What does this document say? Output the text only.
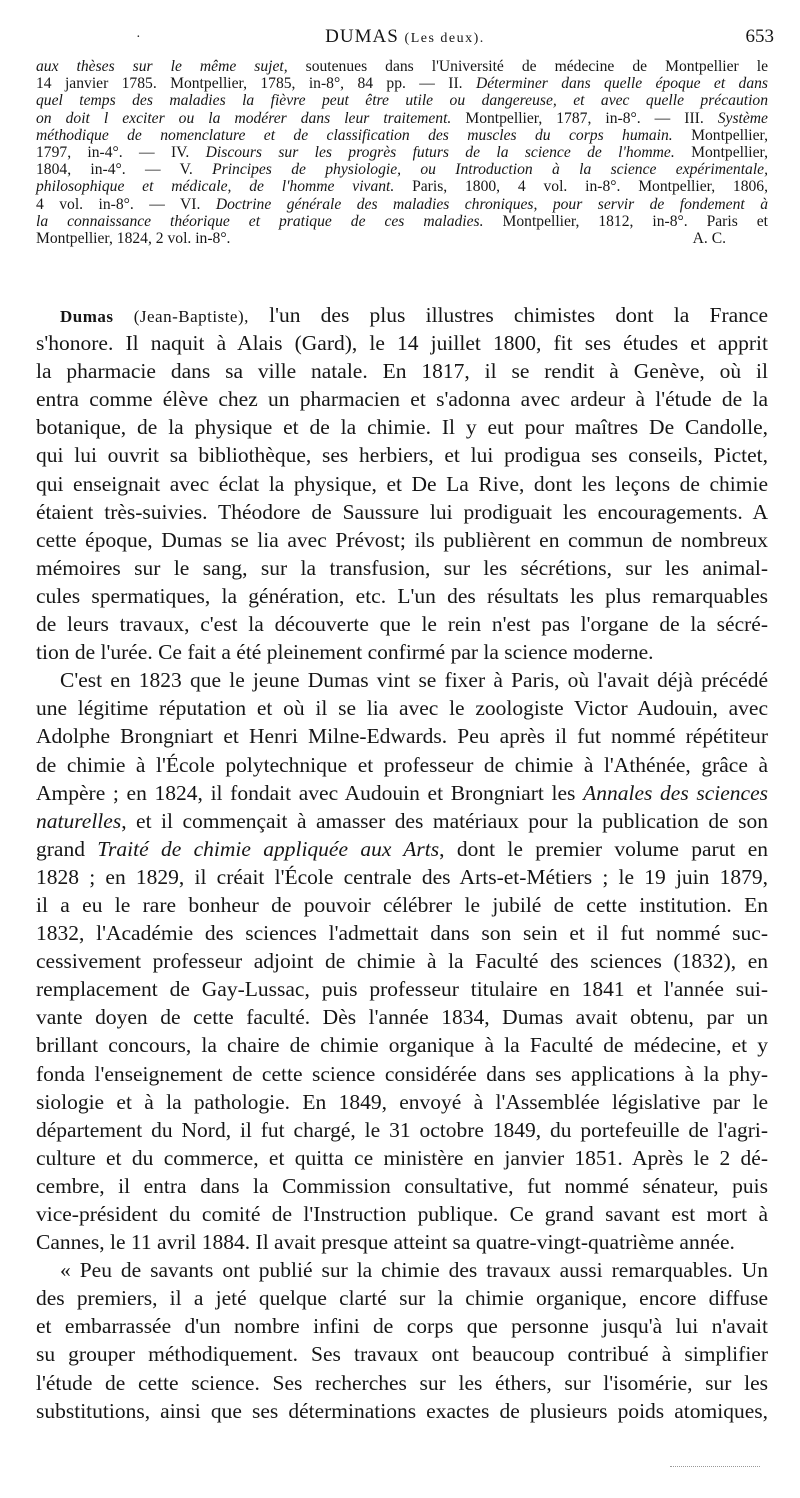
·	DUMAS (Les deux).	653
aux thèses sur le même sujet, soutenues dans l'Université de médecine de Montpellier le
14 janvier 1785. Montpellier, 1785, in-8°, 84 pp. — II. Déterminer dans quelle époque et dans
quel temps des maladies la fièvre peut être utile ou dangereuse, et avec quelle précaution
on doit l exciter ou la modérer dans leur traitement. Montpellier, 1787, in-8°. — III. Système
méthodique de nomenclature et de classification des muscles du corps humain. Montpellier,
1797, in-4°. — IV. Discours sur les progrès futurs de la science de l'homme. Montpellier,
1804, in-4°. — V. Principes de physiologie, ou Introduction à la science expérimentale,
philosophique et médicale, de l'homme vivant. Paris, 1800, 4 vol. in-8°. Montpellier, 1806,
4 vol. in-8°. — VI. Doctrine générale des maladies chroniques, pour servir de fondement à
la connaissance théorique et pratique de ces maladies. Montpellier, 1812, in-8°. Paris et
Montpellier, 1824, 2 vol. in-8°.	A. C.
Dumas (Jean-Baptiste), l'un des plus illustres chimistes dont la France
s'honore. Il naquit à Alais (Gard), le 14 juillet 1800, fit ses études et apprit
la pharmacie dans sa ville natale. En 1817, il se rendit à Genève, où il
entra comme élève chez un pharmacien et s'adonna avec ardeur à l'étude de la
botanique, de la physique et de la chimie. Il y eut pour maîtres De Candolle,
qui lui ouvrit sa bibliothèque, ses herbiers, et lui prodigua ses conseils, Pictet,
qui enseignait avec éclat la physique, et De La Rive, dont les leçons de chimie
étaient très-suivies. Théodore de Saussure lui prodiguait les encouragements. A
cette époque, Dumas se lia avec Prévost; ils publièrent en commun de nombreux
mémoires sur le sang, sur la transfusion, sur les sécrétions, sur les animal-
cules spermatiques, la génération, etc. L'un des résultats les plus remarquables
de leurs travaux, c'est la découverte que le rein n'est pas l'organe de la sécré-
tion de l'urée. Ce fait a été pleinement confirmé par la science moderne.
C'est en 1823 que le jeune Dumas vint se fixer à Paris, où l'avait déjà précédé
une légitime réputation et où il se lia avec le zoologiste Victor Audouin, avec
Adolphe Brongniart et Henri Milne-Edwards. Peu après il fut nommé répétiteur
de chimie à l'École polytechnique et professeur de chimie à l'Athénée, grâce à
Ampère ; en 1824, il fondait avec Audouin et Brongniart les Annales des sciences
naturelles, et il commençait à amasser des matériaux pour la publication de son
grand Traité de chimie appliquée aux Arts, dont le premier volume parut en
1828 ; en 1829, il créait l'École centrale des Arts-et-Métiers ; le 19 juin 1879,
il a eu le rare bonheur de pouvoir célébrer le jubilé de cette institution. En
1832, l'Académie des sciences l'admettait dans son sein et il fut nommé suc-
cessivement professeur adjoint de chimie à la Faculté des sciences (1832), en
remplacement de Gay-Lussac, puis professeur titulaire en 1841 et l'année sui-
vante doyen de cette faculté. Dès l'année 1834, Dumas avait obtenu, par un
brillant concours, la chaire de chimie organique à la Faculté de médecine, et y
fonda l'enseignement de cette science considérée dans ses applications à la phy-
siologie et à la pathologie. En 1849, envoyé à l'Assemblée législative par le
département du Nord, il fut chargé, le 31 octobre 1849, du portefeuille de l'agri-
culture et du commerce, et quitta ce ministère en janvier 1851. Après le 2 dé-
cembre, il entra dans la Commission consultative, fut nommé sénateur, puis
vice-président du comité de l'Instruction publique. Ce grand savant est mort à
Cannes, le 11 avril 1884. Il avait presque atteint sa quatre-vingt-quatrième année.
« Peu de savants ont publié sur la chimie des travaux aussi remarquables. Un
des premiers, il a jeté quelque clarté sur la chimie organique, encore diffuse
et embarrassée d'un nombre infini de corps que personne jusqu'à lui n'avait
su grouper méthodiquement. Ses travaux ont beaucoup contribué à simplifier
l'étude de cette science. Ses recherches sur les éthers, sur l'isomérie, sur les
substitutions, ainsi que ses déterminations exactes de plusieurs poids atomiques,
